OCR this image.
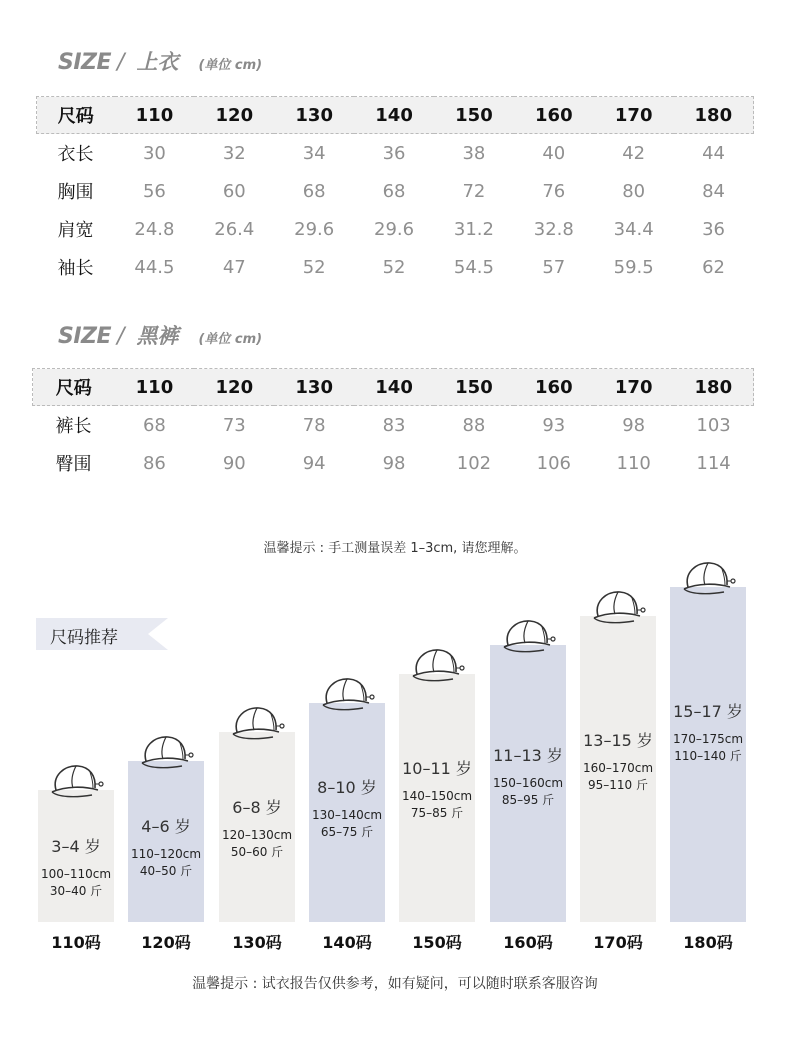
SIZE / 上衣 (单位 cm)
尺码	110	120	130	140	150	160	170	180
衣长	30	32	34	36	38	40	42	44
胸围	56	60	68	68	72	76	80	84
肩宽	24.8	26.4	29.6	29.6	31.2	32.8	34.4	36
袖长	44.5	47	52	52	54.5	57	59.5	62
SIZE / 黑裤 (单位 cm)
尺码	110	120	130	140	150	160	170	180
裤长	68	73	78	83	88	93	98	103
臀围	86	90	94	98	102	106	110	114
温馨提示 : 手工测量误差 1–3cm, 请您理解。
尺码推荐
3–4 岁
100–110cm
30–40 斤
110码
4–6 岁
110–120cm
40–50 斤
120码
6–8 岁
120–130cm
50–60 斤
130码
8–10 岁
130–140cm
65–75 斤
140码
10–11 岁
140–150cm
75–85 斤
150码
11–13 岁
150–160cm
85–95 斤
160码
13–15 岁
160–170cm
95–110 斤
170码
15–17 岁
170–175cm
110–140 斤
180码
温馨提示 : 试衣报告仅供参考，如有疑问，可以随时联系客服咨询
